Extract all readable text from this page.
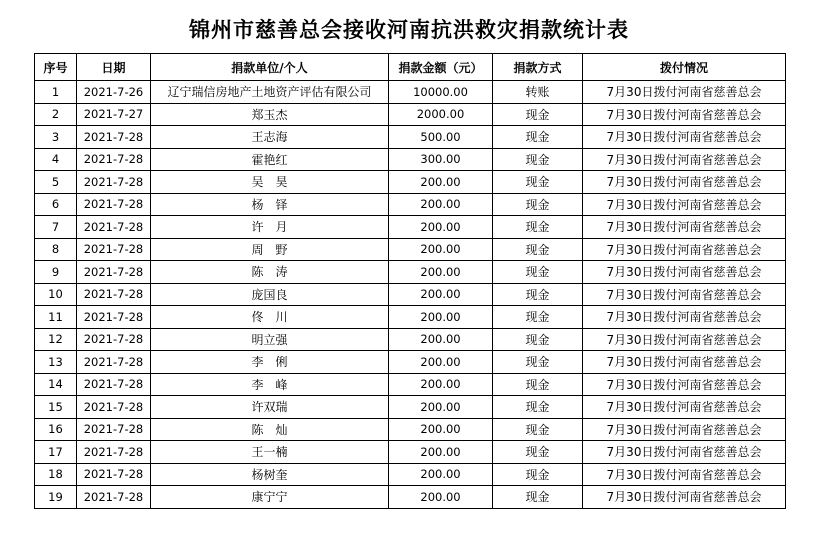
锦州市慈善总会接收河南抗洪救灾捐款统计表
序号	日期	捐款单位/个人	捐款金额（元）	捐款方式	拨付情况
1	2021-7-26	辽宁瑞信房地产土地资产评估有限公司	10000.00	转账	7月30日拨付河南省慈善总会
2	2021-7-27	郑玉杰	2000.00	现金	7月30日拨付河南省慈善总会
3	2021-7-28	王志海	500.00	现金	7月30日拨付河南省慈善总会
4	2021-7-28	霍艳红	300.00	现金	7月30日拨付河南省慈善总会
5	2021-7-28	吴　昊	200.00	现金	7月30日拨付河南省慈善总会
6	2021-7-28	杨　铎	200.00	现金	7月30日拨付河南省慈善总会
7	2021-7-28	许　月	200.00	现金	7月30日拨付河南省慈善总会
8	2021-7-28	周　野	200.00	现金	7月30日拨付河南省慈善总会
9	2021-7-28	陈　涛	200.00	现金	7月30日拨付河南省慈善总会
10	2021-7-28	庞国良	200.00	现金	7月30日拨付河南省慈善总会
11	2021-7-28	佟　川	200.00	现金	7月30日拨付河南省慈善总会
12	2021-7-28	明立强	200.00	现金	7月30日拨付河南省慈善总会
13	2021-7-28	李　俐	200.00	现金	7月30日拨付河南省慈善总会
14	2021-7-28	李　峰	200.00	现金	7月30日拨付河南省慈善总会
15	2021-7-28	许双瑞	200.00	现金	7月30日拨付河南省慈善总会
16	2021-7-28	陈　灿	200.00	现金	7月30日拨付河南省慈善总会
17	2021-7-28	王一楠	200.00	现金	7月30日拨付河南省慈善总会
18	2021-7-28	杨树奎	200.00	现金	7月30日拨付河南省慈善总会
19	2021-7-28	康宁宁	200.00	现金	7月30日拨付河南省慈善总会
